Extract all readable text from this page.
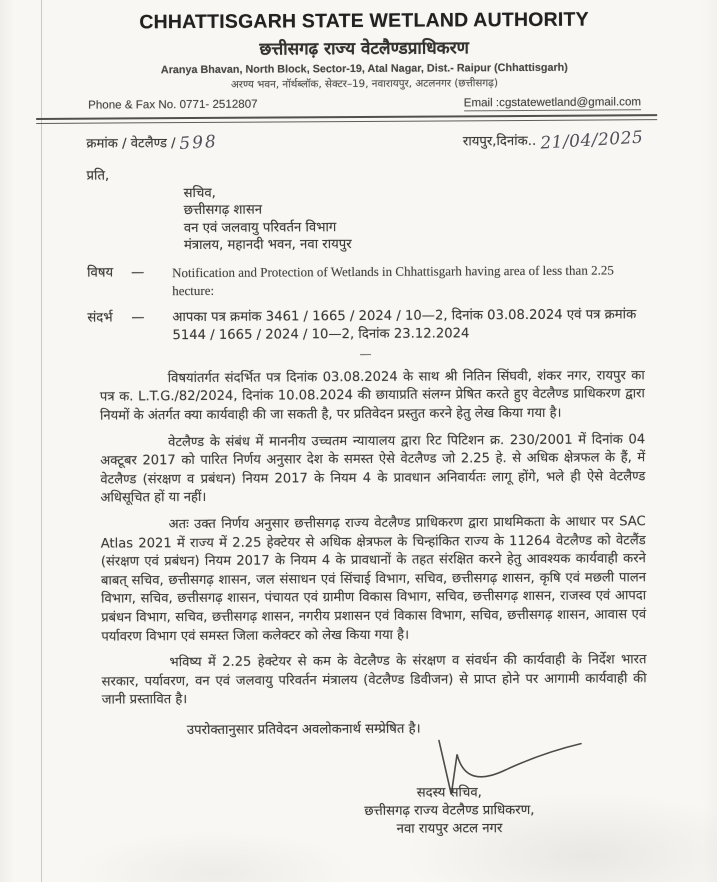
CHHATTISGARH STATE WETLAND AUTHORITY
छत्तीसगढ़ राज्य वेटलैण्डप्राधिकरण
Aranya Bhavan, North Block, Sector-19, Atal Nagar, Dist.- Raipur (Chhattisgarh)
अरण्य भवन, नॉर्थब्लॉक, सेक्टर–19, नवारायपुर, अटलनगर (छत्तीसगढ़)
Phone & Fax No. 0771- 2512807	Email :cgstatewetland@gmail.com
क्रमांक / वेटलैण्ड / 598	रायपुर,दिनांक.. 21/04/2025
प्रति,
सचिव,
छत्तीसगढ़ शासन
वन एवं जलवायु परिवर्तन विभाग
मंत्रालय, महानदी भवन, नवा रायपुर
विषय	—	Notification and Protection of Wetlands in Chhattisgarh having area of less than 2.25 hecture:
संदर्भ	—	आपका पत्र क्रमांक 3461 / 1665 / 2024 / 10—2, दिनांक 03.08.2024 एवं पत्र क्रमांक 5144 / 1665 / 2024 / 10—2, दिनांक 23.12.2024
—

विषयांतर्गत संदर्भित पत्र दिनांक 03.08.2024 के साथ श्री नितिन सिंघवी, शंकर नगर, रायपुर का पत्र क. L.T.G./82/2024, दिनांक 10.08.2024 की छायाप्रति संलग्न प्रेषित करते हुए वेटलैण्ड प्राधिकरण द्वारा नियमों के अंतर्गत क्या कार्यवाही की जा सकती है, पर प्रतिवेदन प्रस्तुत करने हेतु लेख किया गया है।

वेटलैण्ड के संबंध में माननीय उच्चतम न्यायालय द्वारा रिट पिटिशन क्र. 230/2001 में दिनांक 04 अक्टूबर 2017 को पारित निर्णय अनुसार देश के समस्त ऐसे वेटलैण्ड जो 2.25 हे. से अधिक क्षेत्रफल के हैं, में वेटलैण्ड (संरक्षण व प्रबंधन) नियम 2017 के नियम 4 के प्रावधान अनिवार्यतः लागू होंगे, भले ही ऐसे वेटलैण्ड अधिसूचित हों या नहीं।

अतः उक्त निर्णय अनुसार छत्तीसगढ़ राज्य वेटलैण्ड प्राधिकरण द्वारा प्राथमिकता के आधार पर SAC Atlas 2021 में राज्य में 2.25 हेक्टेयर से अधिक क्षेत्रफल के चिन्हांकित राज्य के 11264 वेटलैण्ड को वेटलैंड (संरक्षण एवं प्रबंधन) नियम 2017 के नियम 4 के प्रावधानों के तहत संरक्षित करने हेतु आवश्यक कार्यवाही करने बाबत् सचिव, छत्तीसगढ़ शासन, जल संसाधन एवं सिंचाई विभाग, सचिव, छत्तीसगढ़ शासन, कृषि एवं मछली पालन विभाग, सचिव, छत्तीसगढ़ शासन, पंचायत एवं ग्रामीण विकास विभाग, सचिव, छत्तीसगढ़ शासन, राजस्व एवं आपदा प्रबंधन विभाग, सचिव, छत्तीसगढ़ शासन, नगरीय प्रशासन एवं विकास विभाग, सचिव, छत्तीसगढ़ शासन, आवास एवं पर्यावरण विभाग एवं समस्त जिला कलेक्टर को लेख किया गया है।

भविष्य में 2.25 हेक्टेयर से कम के वेटलैण्ड के संरक्षण व संवर्धन की कार्यवाही के निर्देश भारत सरकार, पर्यावरण, वन एवं जलवायु परिवर्तन मंत्रालय (वेटलैण्ड डिवीजन) से प्राप्त होने पर आगामी कार्यवाही की जानी प्रस्तावित है।

उपरोक्तानुसार प्रतिवेदन अवलोकनार्थ सम्प्रेषित है।
सदस्य सचिव,
छत्तीसगढ़ राज्य वेटलैण्ड प्राधिकरण,
नवा रायपुर अटल नगर
